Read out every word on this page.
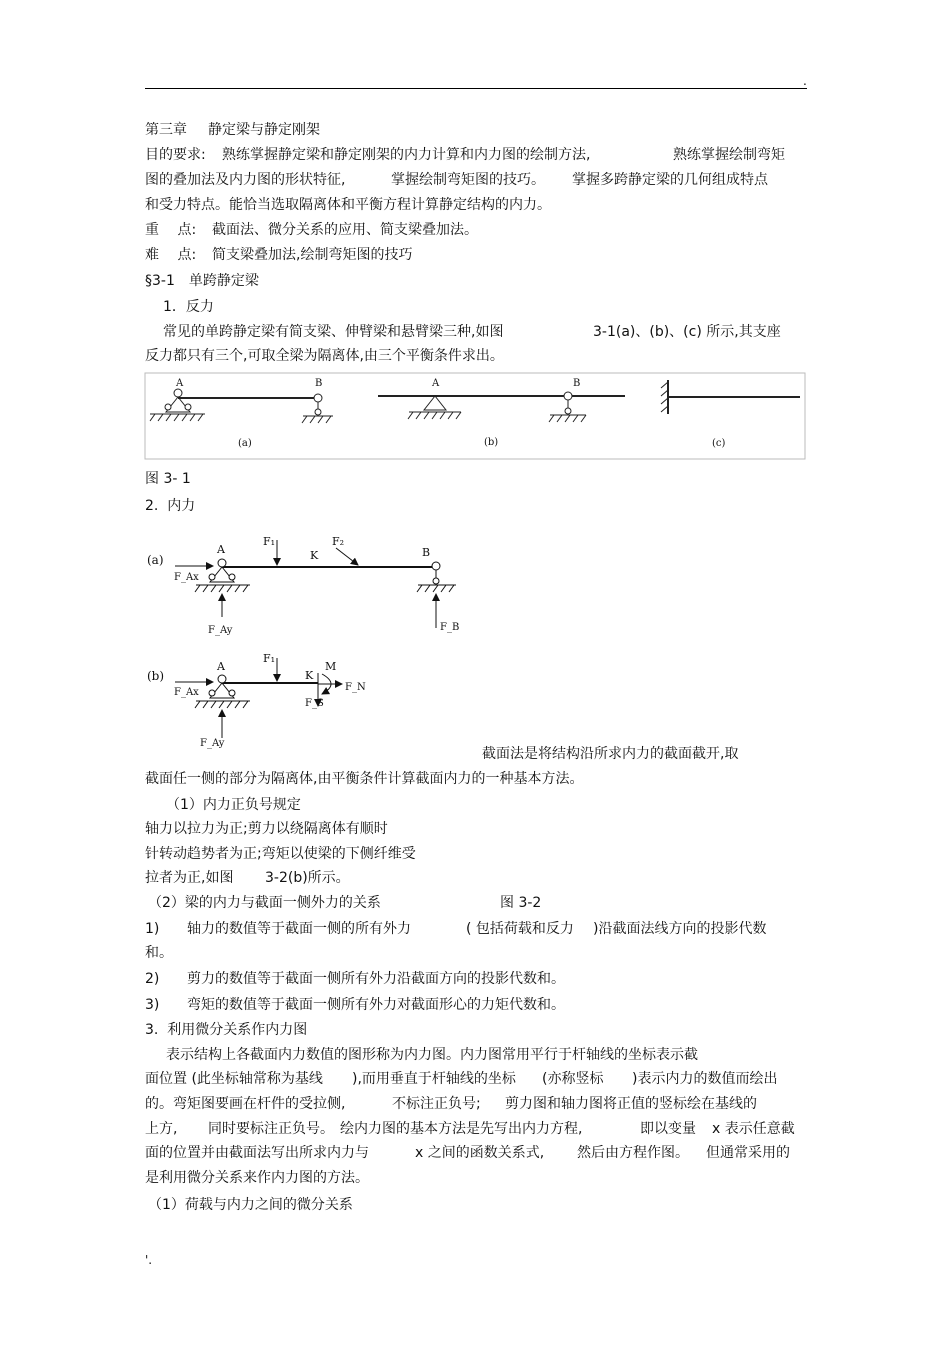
.
第三章 静定梁与静定刚架
目的要求: 熟练掌握静定梁和静定刚架的内力计算和内力图的绘制方法,	熟练掌握绘制弯矩
图的叠加法及内力图的形状特征,	掌握绘制弯矩图的技巧。 掌握多跨静定梁的几何组成特点
和受力特点。能恰当选取隔离体和平衡方程计算静定结构的内力。
重　 点: 截面法、微分关系的应用、简支梁叠加法。
难　 点: 简支梁叠加法,绘制弯矩图的技巧
§3-1　单跨静定梁
1．反力
常见的单跨静定梁有简支梁、伸臂梁和悬臂梁三种,如图	3-1(a)、(b)、(c) 所示,其支座
反力都只有三个,可取全梁为隔离体,由三个平衡条件求出。
A	B	A	B
(a)	(b)	(c)
图 3- 1
2.  内力
(a)
A
F₁
K
F₂
B
F_Ax
F_Ay	F_B
(b)
A
F₁
K
M
F_N
F_S
F_Ax
F_Ay
截面法是将结构沿所求内力的截面截开,取
截面任一侧的部分为隔离体,由平衡条件计算截面内力的一种基本方法。
（1）内力正负号规定
轴力以拉力为正;剪力以绕隔离体有顺时
针转动趋势者为正;弯矩以使梁的下侧纤维受
拉者为正,如图 3-2(b)所示。
（2）梁的内力与截面一侧外力的关系	图 3-2
1) 轴力的数值等于截面一侧的所有外力	( 包括荷载和反力 )沿截面法线方向的投影代数
和。
2) 剪力的数值等于截面一侧所有外力沿截面方向的投影代数和。
3) 弯矩的数值等于截面一侧所有外力对截面形心的力矩代数和。
3.  利用微分关系作内力图
表示结构上各截面内力数值的图形称为内力图。内力图常用平行于杆轴线的坐标表示截
面位置 (此坐标轴常称为基线 ),而用垂直于杆轴线的坐标 (亦称竖标 )表示内力的数值而绘出
的。弯矩图要画在杆件的受拉侧,	不标注正负号; 剪力图和轴力图将正值的竖标绘在基线的
上方, 同时要标注正负号。 绘内力图的基本方法是先写出内力方程,	即以变量 x 表示任意截
面的位置并由截面法写出所求内力与	x 之间的函数关系式, 然后由方程作图。 但通常采用的
是利用微分关系来作内力图的方法。
（1）荷载与内力之间的微分关系
'.
